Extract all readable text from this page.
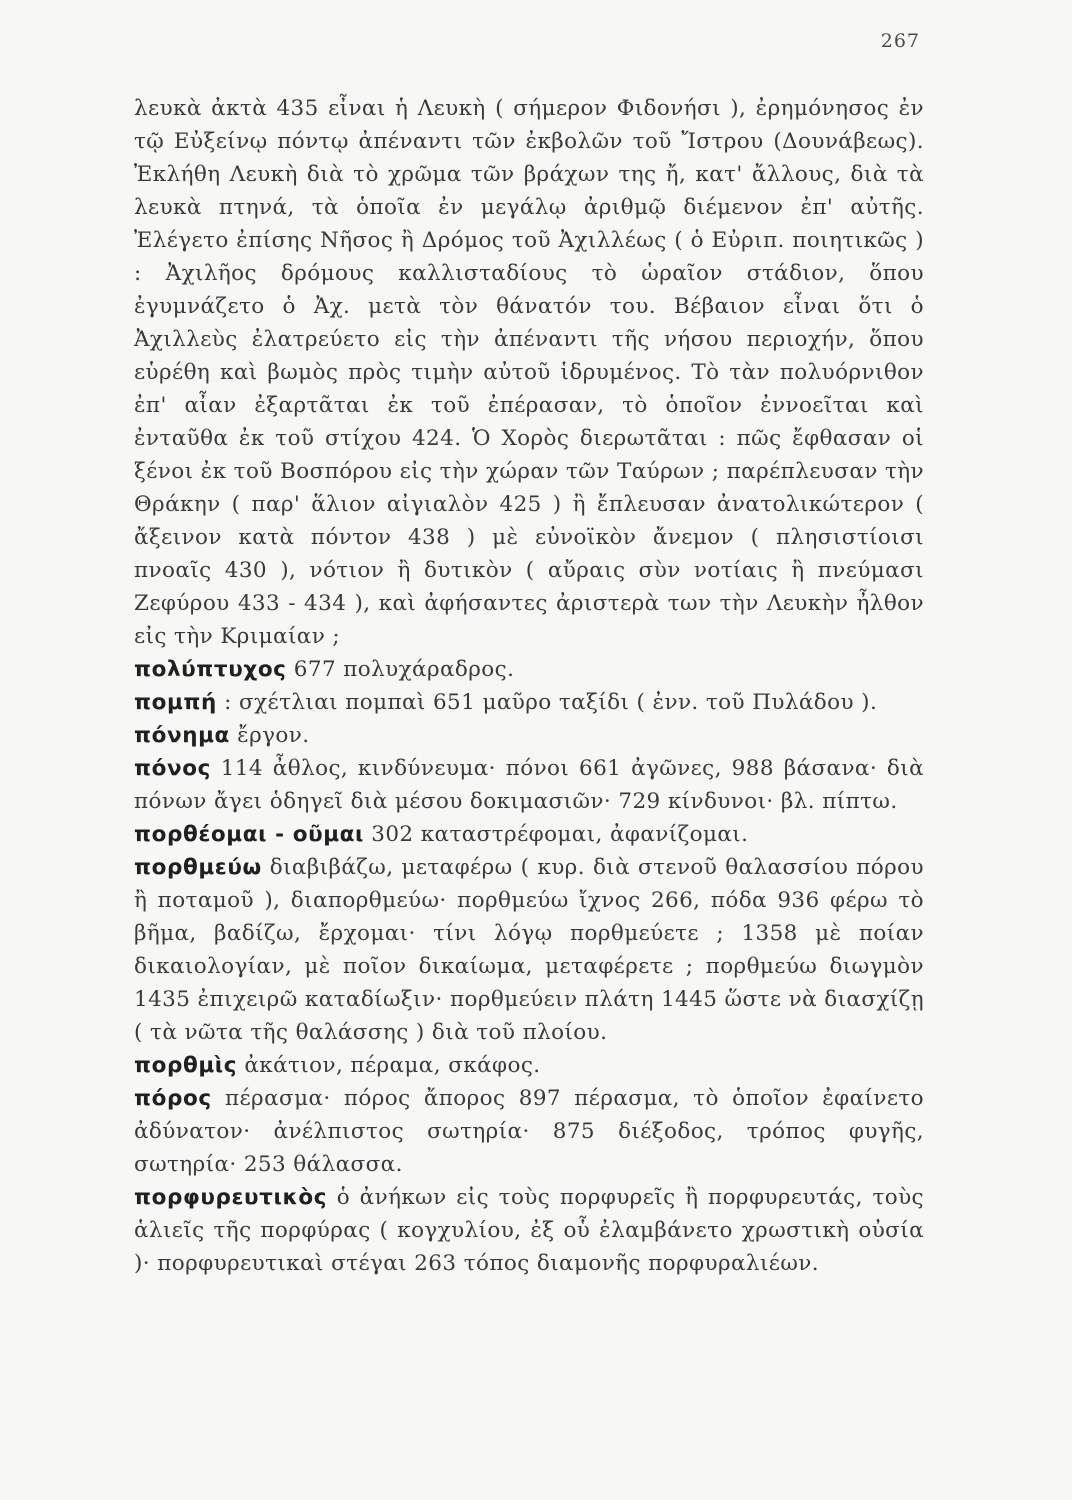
267

λευκὰ ἀκτὰ 435 εἶναι ἡ Λευκὴ ( σήμερον Φιδονήσι ), ἐρημόνησος ἐν τῷ Εὐξείνῳ πόντῳ ἀπέναντι τῶν ἐκβολῶν τοῦ Ἴστρου (Δουνάβεως). Ἐκλήθη Λευκὴ διὰ τὸ χρῶμα τῶν βράχων της ἤ, κατ' ἄλλους, διὰ τὰ λευκὰ πτηνά, τὰ ὁποῖα ἐν μεγάλῳ ἀριθμῷ διέμενον ἐπ' αὐτῆς. Ἐλέγετο ἐπίσης Νῆσος ἢ Δρόμος τοῦ Ἀχιλλέως ( ὁ Εὐριπ. ποιητικῶς ) : Ἀχιλῆος δρόμους καλλισταδίους τὸ ὡραῖον στάδιον, ὅπου ἐγυμνάζετο ὁ Ἀχ. μετὰ τὸν θάνατόν του. Βέβαιον εἶναι ὅτι ὁ Ἀχιλλεὺς ἐλατρεύετο εἰς τὴν ἀπέναντι τῆς νήσου περιοχήν, ὅπου εὑρέθη καὶ βωμὸς πρὸς τιμὴν αὐτοῦ ἱδρυμένος. Τὸ τὰν πολυόρνιθον ἐπ' αἶαν ἐξαρτᾶται ἐκ τοῦ ἐπέρασαν, τὸ ὁποῖον ἐννοεῖται καὶ ἐνταῦθα ἐκ τοῦ στίχου 424. Ὁ Χορὸς διερωτᾶται : πῶς ἔφθασαν οἱ ξένοι ἐκ τοῦ Βοσπόρου εἰς τὴν χώραν τῶν Ταύρων ; παρέπλευσαν τὴν Θράκην ( παρ' ἅλιον αἰγιαλὸν 425 ) ἢ ἔπλευσαν ἀνατολικώτερον ( ἄξεινον κατὰ πόντον 438 ) μὲ εὐνοϊκὸν ἄνεμον ( πλησιστίοισι πνοαῖς 430 ), νότιον ἢ δυτικὸν ( αὔραις σὺν νοτίαις ἢ πνεύμασι Ζεφύρου 433 - 434 ), καὶ ἀφήσαντες ἀριστερὰ των τὴν Λευκὴν ἦλθον εἰς τὴν Κριμαίαν ;

πολύπτυχος 677 πολυχάραδρος.

πομπή : σχέτλιαι πομπαὶ 651 μαῦρο ταξίδι ( ἐνν. τοῦ Πυλάδου ).

πόνημα ἔργον.

πόνος 114 ἆθλος, κινδύνευμα· πόνοι 661 ἀγῶνες, 988 βάσανα· διὰ πόνων ἄγει ὁδηγεῖ διὰ μέσου δοκιμασιῶν· 729 κίνδυνοι· βλ. πίπτω.

πορθέομαι - οῦμαι 302 καταστρέφομαι, ἀφανίζομαι.

πορθμεύω διαβιβάζω, μεταφέρω ( κυρ. διὰ στενοῦ θαλασσίου πόρου ἢ ποταμοῦ ), διαπορθμεύω· πορθμεύω ἴχνος 266, πόδα 936 φέρω τὸ βῆμα, βαδίζω, ἔρχομαι· τίνι λόγῳ πορθμεύετε ; 1358 μὲ ποίαν δικαιολογίαν, μὲ ποῖον δικαίωμα, μεταφέρετε ; πορθμεύω διωγμὸν 1435 ἐπιχειρῶ καταδίωξιν· πορθμεύειν πλάτη 1445 ὥστε νὰ διασχίζῃ ( τὰ νῶτα τῆς θαλάσσης ) διὰ τοῦ πλοίου.

πορθμὶς ἀκάτιον, πέραμα, σκάφος.

πόρος πέρασμα· πόρος ἄπορος 897 πέρασμα, τὸ ὁποῖον ἐφαίνετο ἀδύνατον· ἀνέλπιστος σωτηρία· 875 διέξοδος, τρόπος φυγῆς, σωτηρία· 253 θάλασσα.

πορφυρευτικὸς ὁ ἀνήκων εἰς τοὺς πορφυρεῖς ἢ πορφυρευτάς, τοὺς ἁλιεῖς τῆς πορφύρας ( κογχυλίου, ἐξ οὗ ἐλαμβάνετο χρωστικὴ οὐσία )· πορφυρευτικαὶ στέγαι 263 τόπος διαμονῆς πορφυραλιέων.
